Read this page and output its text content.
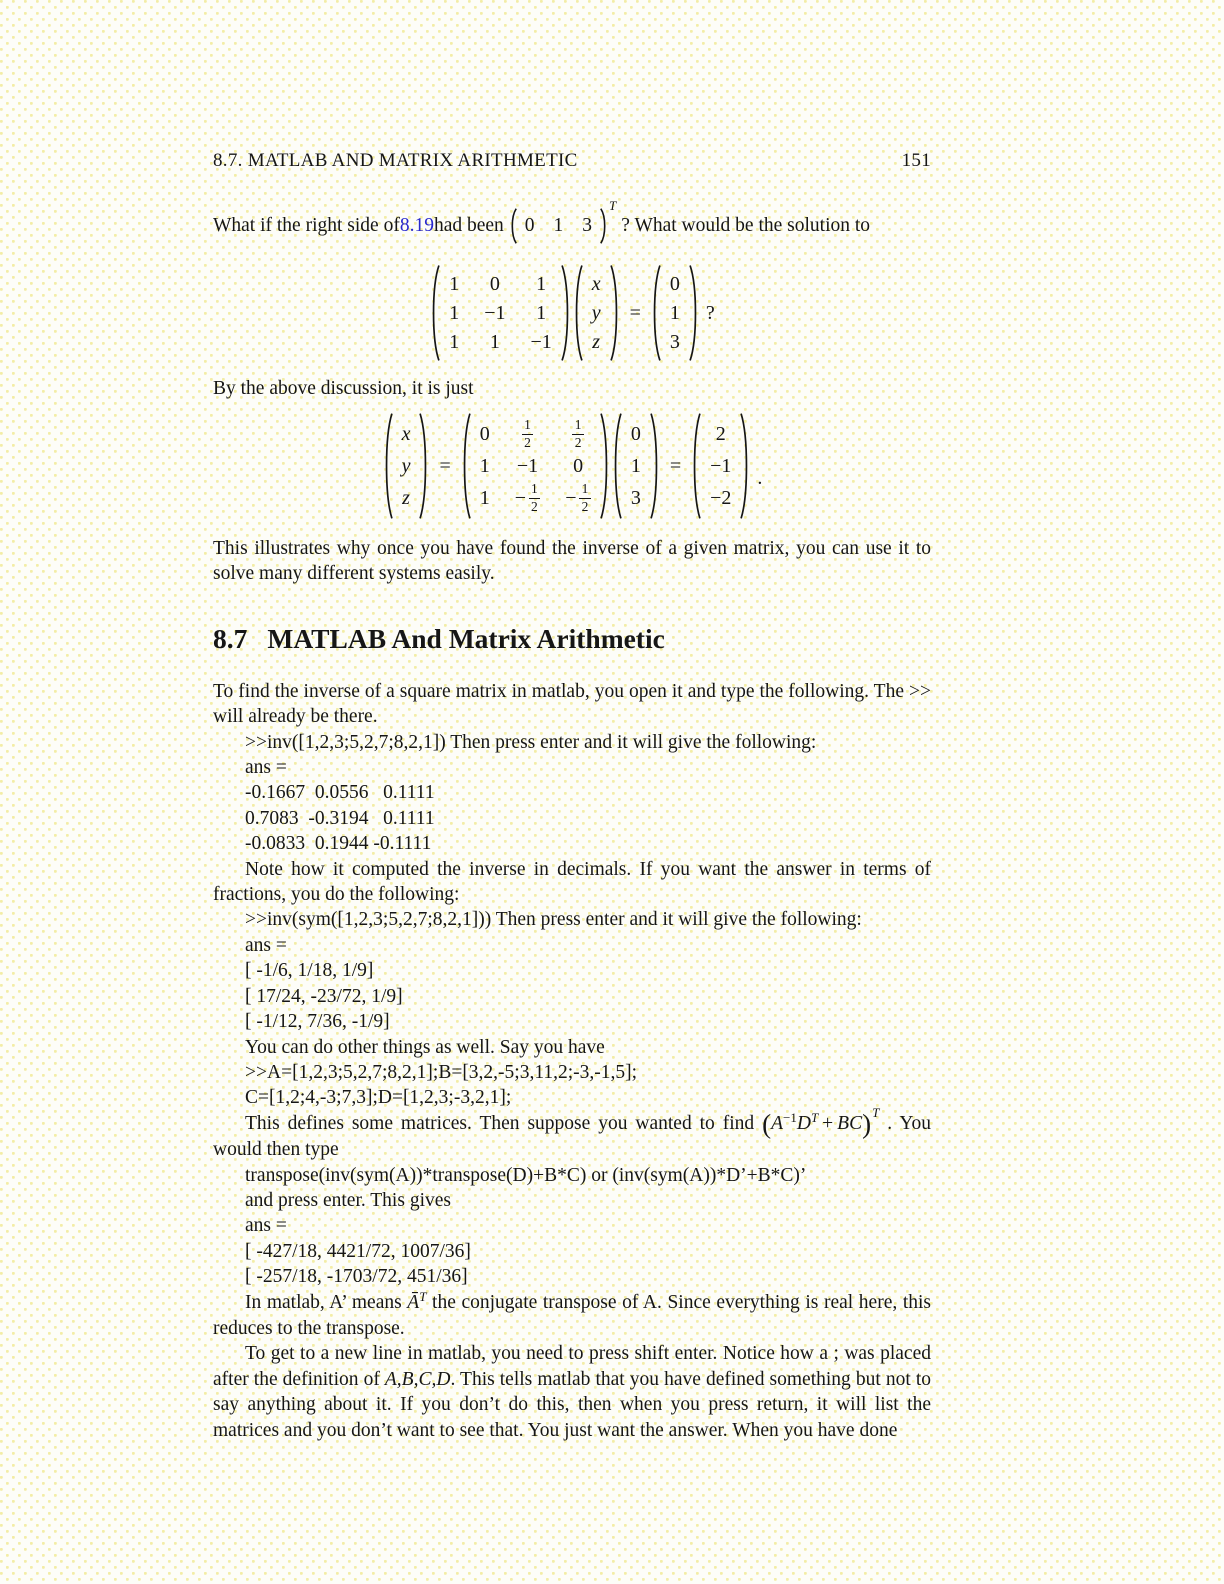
8.7. MATLAB AND MATRIX ARITHMETIC	151

What if the right side of 8.19 had been 0 1 3
$^T$
? What would be the solution to

1 0 1
1 −1 1
1 1 −1
x
y
z
=
0
1
3
?

By the above discussion, it is just

x
y
z
=
$0 \frac{1}{2}$	$\frac{1}{2}$
1 −1 0
$1 - \frac{1}{2} - \frac{1}{2}$
0
1
3
=
2
−1
−2
.

This illustrates why once you have found the inverse of a given matrix, you can use it to solve many different systems easily.

8.7 MATLAB And Matrix Arithmetic

To find the inverse of a square matrix in matlab, you open it and type the following. The >> will already be there.

>>inv([1,2,3;5,2,7;8,2,1]) Then press enter and it will give the following:
ans =
-0.1667  0.0556   0.1111
0.7083  -0.3194   0.1111
-0.0833  0.1944 -0.1111

Note how it computed the inverse in decimals. If you want the answer in terms of fractions, you do the following:

>>inv(sym([1,2,3;5,2,7;8,2,1])) Then press enter and it will give the following:
ans =
[ -1/6, 1/18, 1/9]
[ 17/24, -23/72, 1/9]
[ -1/12, 7/36, -1/9]
You can do other things as well. Say you have
>>A=[1,2,3;5,2,7;8,2,1];B=[3,2,-5;3,11,2;-3,-1,5];
C=[1,2;4,-3;7,3];D=[1,2,3;-3,2,1];

This defines some matrices. Then suppose you wanted to find $(A^{-1}D^T + BC)^T$ . You would then type

transpose(inv(sym(A))*transpose(D)+B*C) or (inv(sym(A))*D’+B*C)’
and press enter. This gives
ans =
[ -427/18, 4421/72, 1007/36]
[ -257/18, -1703/72, 451/36]

In matlab, A’ means $Ā^T$ the conjugate transpose of A. Since everything is real here, this reduces to the transpose.

To get to a new line in matlab, you need to press shift enter. Notice how a ; was placed after the definition of A,B,C,D. This tells matlab that you have defined something but not to say anything about it. If you don’t do this, then when you press return, it will list the matrices and you don’t want to see that. You just want the answer. When you have done
